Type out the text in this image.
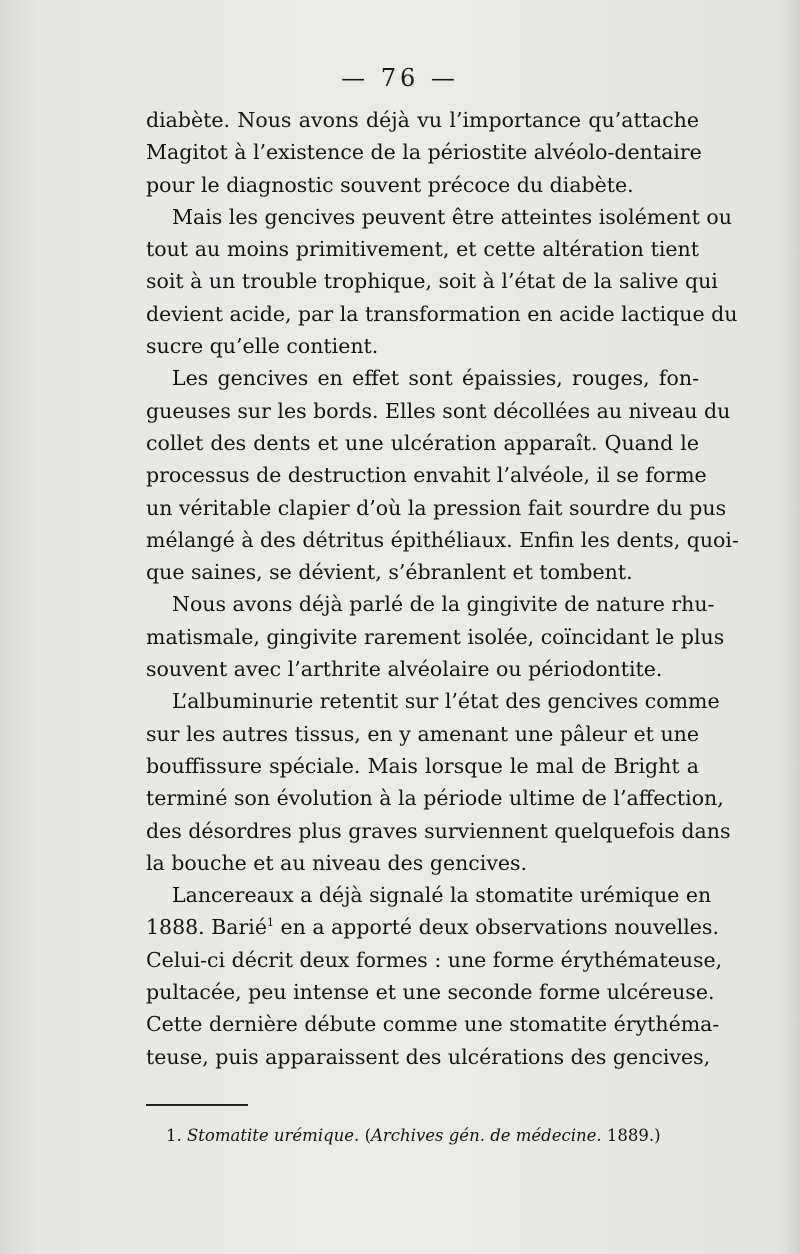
— 76 —
diabète. Nous avons déjà vu l’importance qu’attache
Magitot à l’existence de la périostite alvéolo-dentaire
pour le diagnostic souvent précoce du diabète.
Mais les gencives peuvent être atteintes isolément ou
tout au moins primitivement, et cette altération tient
soit à un trouble trophique, soit à l’état de la salive qui
devient acide, par la transformation en acide lactique du
sucre qu’elle contient.
Les gencives en effet sont épaissies, rouges, fon-
gueuses sur les bords. Elles sont décollées au niveau du
collet des dents et une ulcération apparaît. Quand le
processus de destruction envahit l’alvéole, il se forme
un véritable clapier d’où la pression fait sourdre du pus
mélangé à des détritus épithéliaux. Enfin les dents, quoi-
que saines, se dévient, s’ébranlent et tombent.
Nous avons déjà parlé de la gingivite de nature rhu-
matismale, gingivite rarement isolée, coïncidant le plus
souvent avec l’arthrite alvéolaire ou périodontite.
L’albuminurie retentit sur l’état des gencives comme
sur les autres tissus, en y amenant une pâleur et une
bouffissure spéciale. Mais lorsque le mal de Bright a
terminé son évolution à la période ultime de l’affection,
des désordres plus graves surviennent quelquefois dans
la bouche et au niveau des gencives.
Lancereaux a déjà signalé la stomatite urémique en
1888. Barié$^1$ en a apporté deux observations nouvelles.
Celui-ci décrit deux formes : une forme érythémateuse,
pultacée, peu intense et une seconde forme ulcéreuse.
Cette dernière débute comme une stomatite érythéma-
teuse, puis apparaissent des ulcérations des gencives,
1. Stomatite urémique. (Archives gén. de médecine. 1889.)
